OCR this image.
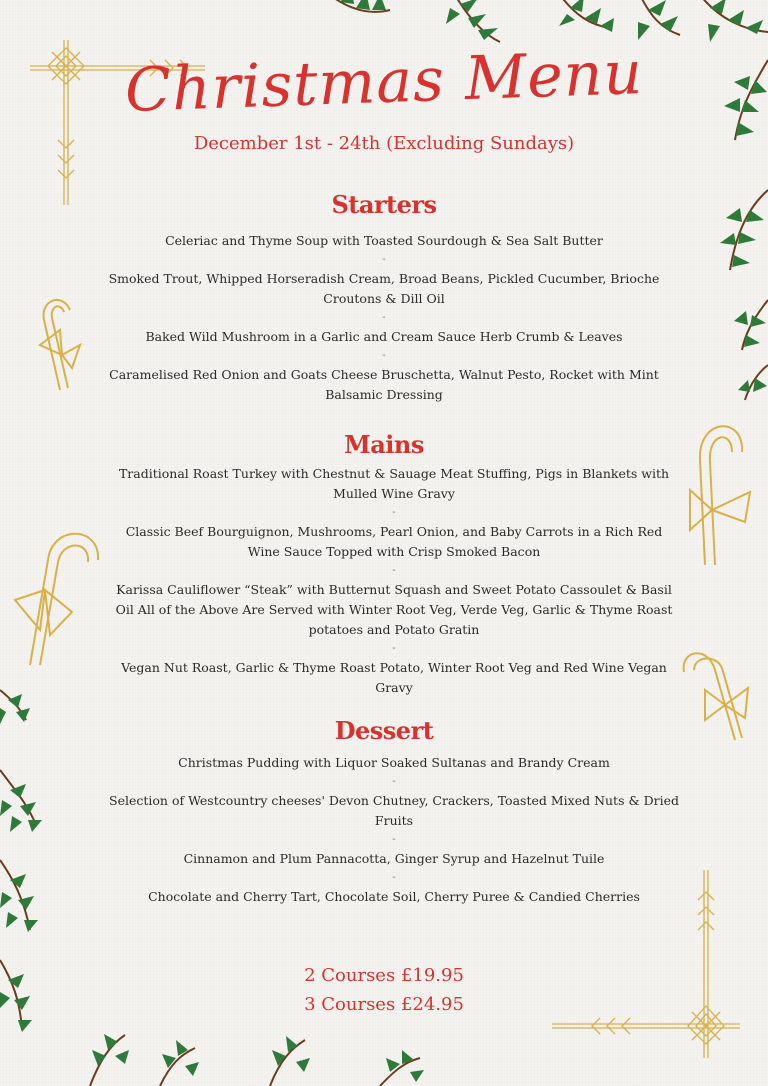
Christmas Menu
December 1st - 24th (Excluding Sundays)
Starters
Celeriac and Thyme Soup with Toasted Sourdough & Sea Salt Butter
-
Smoked Trout, Whipped Horseradish Cream, Broad Beans, Pickled Cucumber, Brioche Croutons & Dill Oil
-
Baked Wild Mushroom in a Garlic and Cream Sauce Herb Crumb & Leaves
-
Caramelised Red Onion and Goats Cheese Bruschetta, Walnut Pesto, Rocket with Mint Balsamic Dressing
Mains
Traditional Roast Turkey with Chestnut & Sauage Meat Stuffing, Pigs in Blankets with Mulled Wine Gravy
-
Classic Beef Bourguignon, Mushrooms, Pearl Onion, and Baby Carrots in a Rich Red Wine Sauce Topped with Crisp Smoked Bacon
-
Karissa Cauliflower “Steak” with Butternut Squash and Sweet Potato Cassoulet & Basil Oil All of the Above Are Served with Winter Root Veg, Verde Veg, Garlic & Thyme Roast potatoes and Potato Gratin
-
Vegan Nut Roast, Garlic & Thyme Roast Potato, Winter Root Veg and Red Wine Vegan Gravy
Dessert
Christmas Pudding with Liquor Soaked Sultanas and Brandy Cream
-
Selection of Westcountry cheeses' Devon Chutney, Crackers, Toasted Mixed Nuts & Dried Fruits
-
Cinnamon and Plum Pannacotta, Ginger Syrup and Hazelnut Tuile
-
Chocolate and Cherry Tart, Chocolate Soil, Cherry Puree & Candied Cherries
2 Courses £19.95
3 Courses £24.95
